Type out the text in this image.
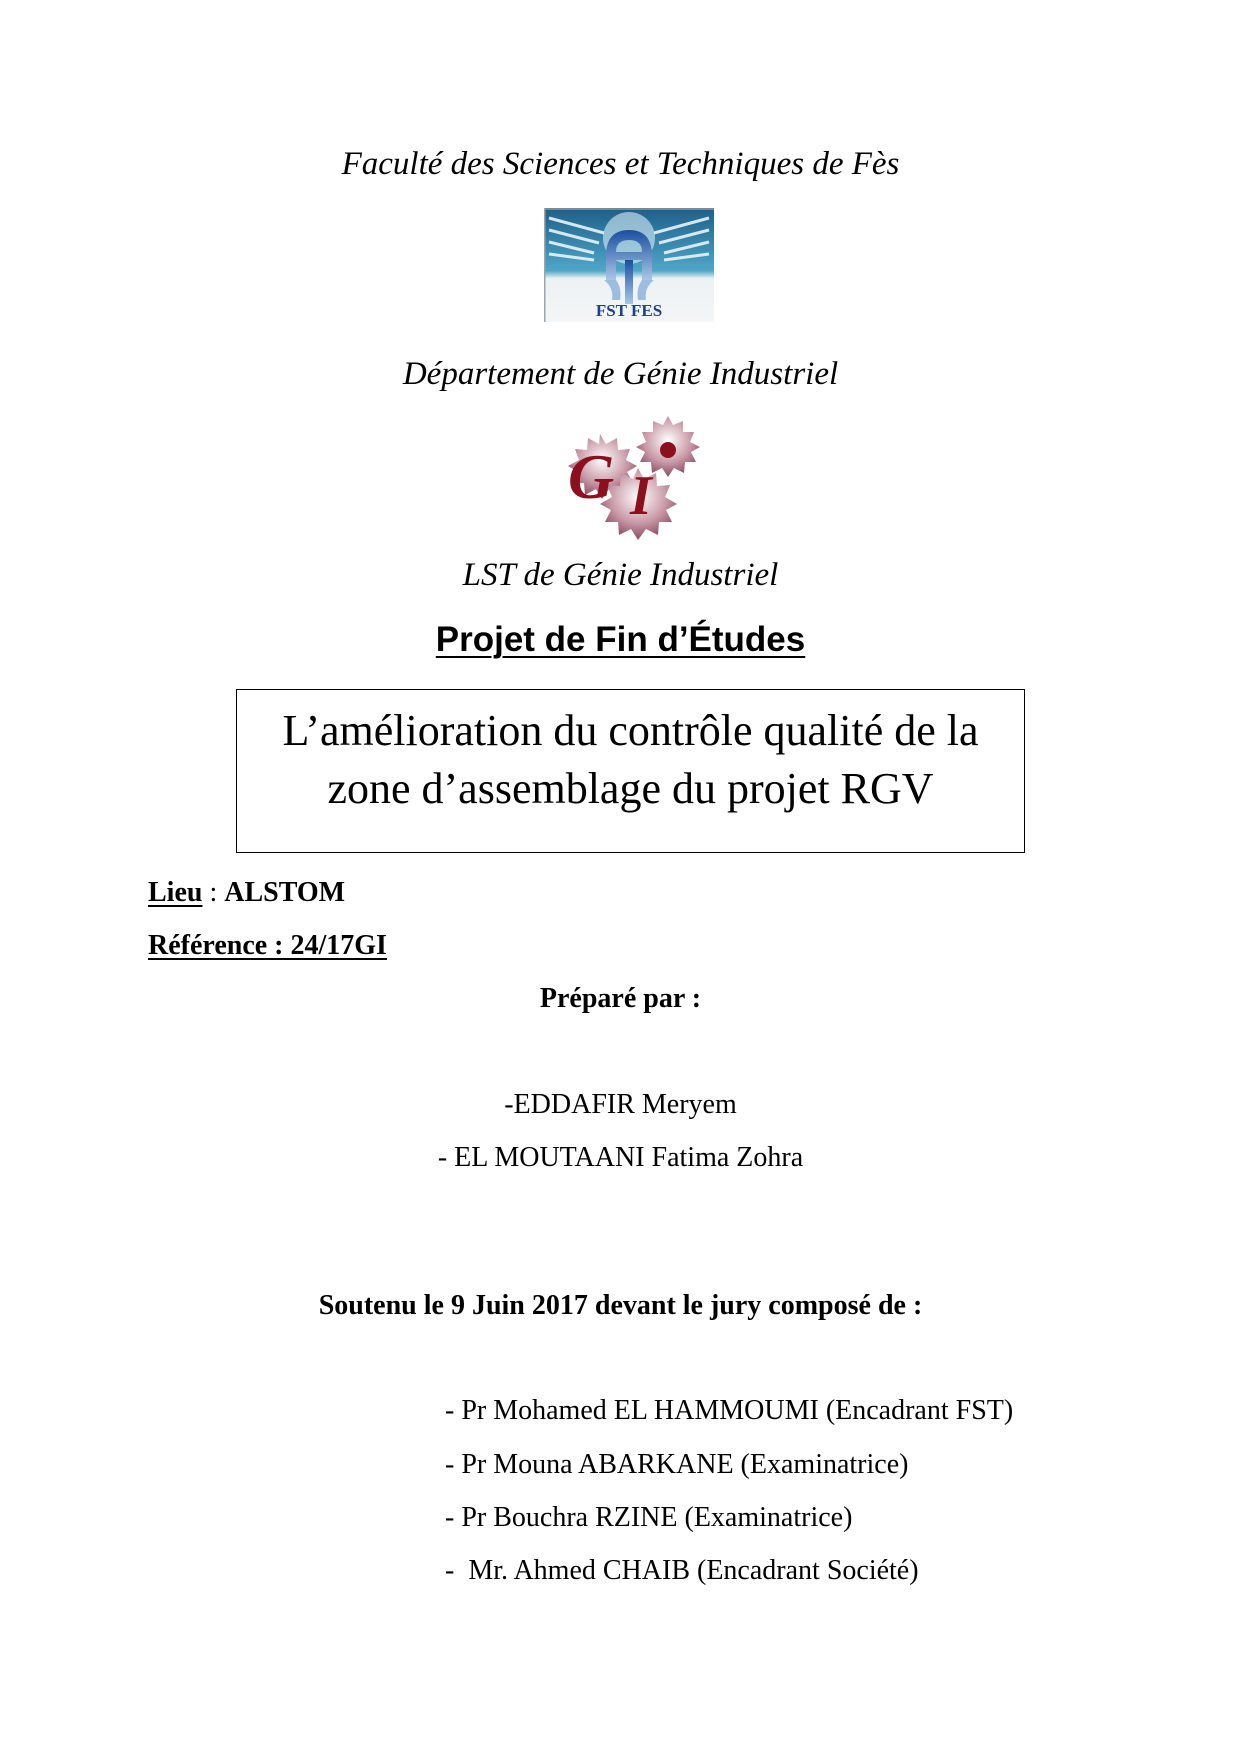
Faculté des Sciences et Techniques de Fès
FST FES
Département de Génie Industriel
G I
LST de Génie Industriel
Projet de Fin d’Études
L’amélioration du contrôle qualité de la
zone d’assemblage du projet RGV
Lieu : ALSTOM
Référence : 24/17GI
Préparé par :
-EDDAFIR Meryem
- EL MOUTAANI Fatima Zohra
Soutenu le 9 Juin 2017 devant le jury composé de :
- Pr Mohamed EL HAMMOUMI (Encadrant FST)
- Pr Mouna ABARKANE (Examinatrice)
- Pr Bouchra RZINE (Examinatrice)
-  Mr. Ahmed CHAIB (Encadrant Société)
